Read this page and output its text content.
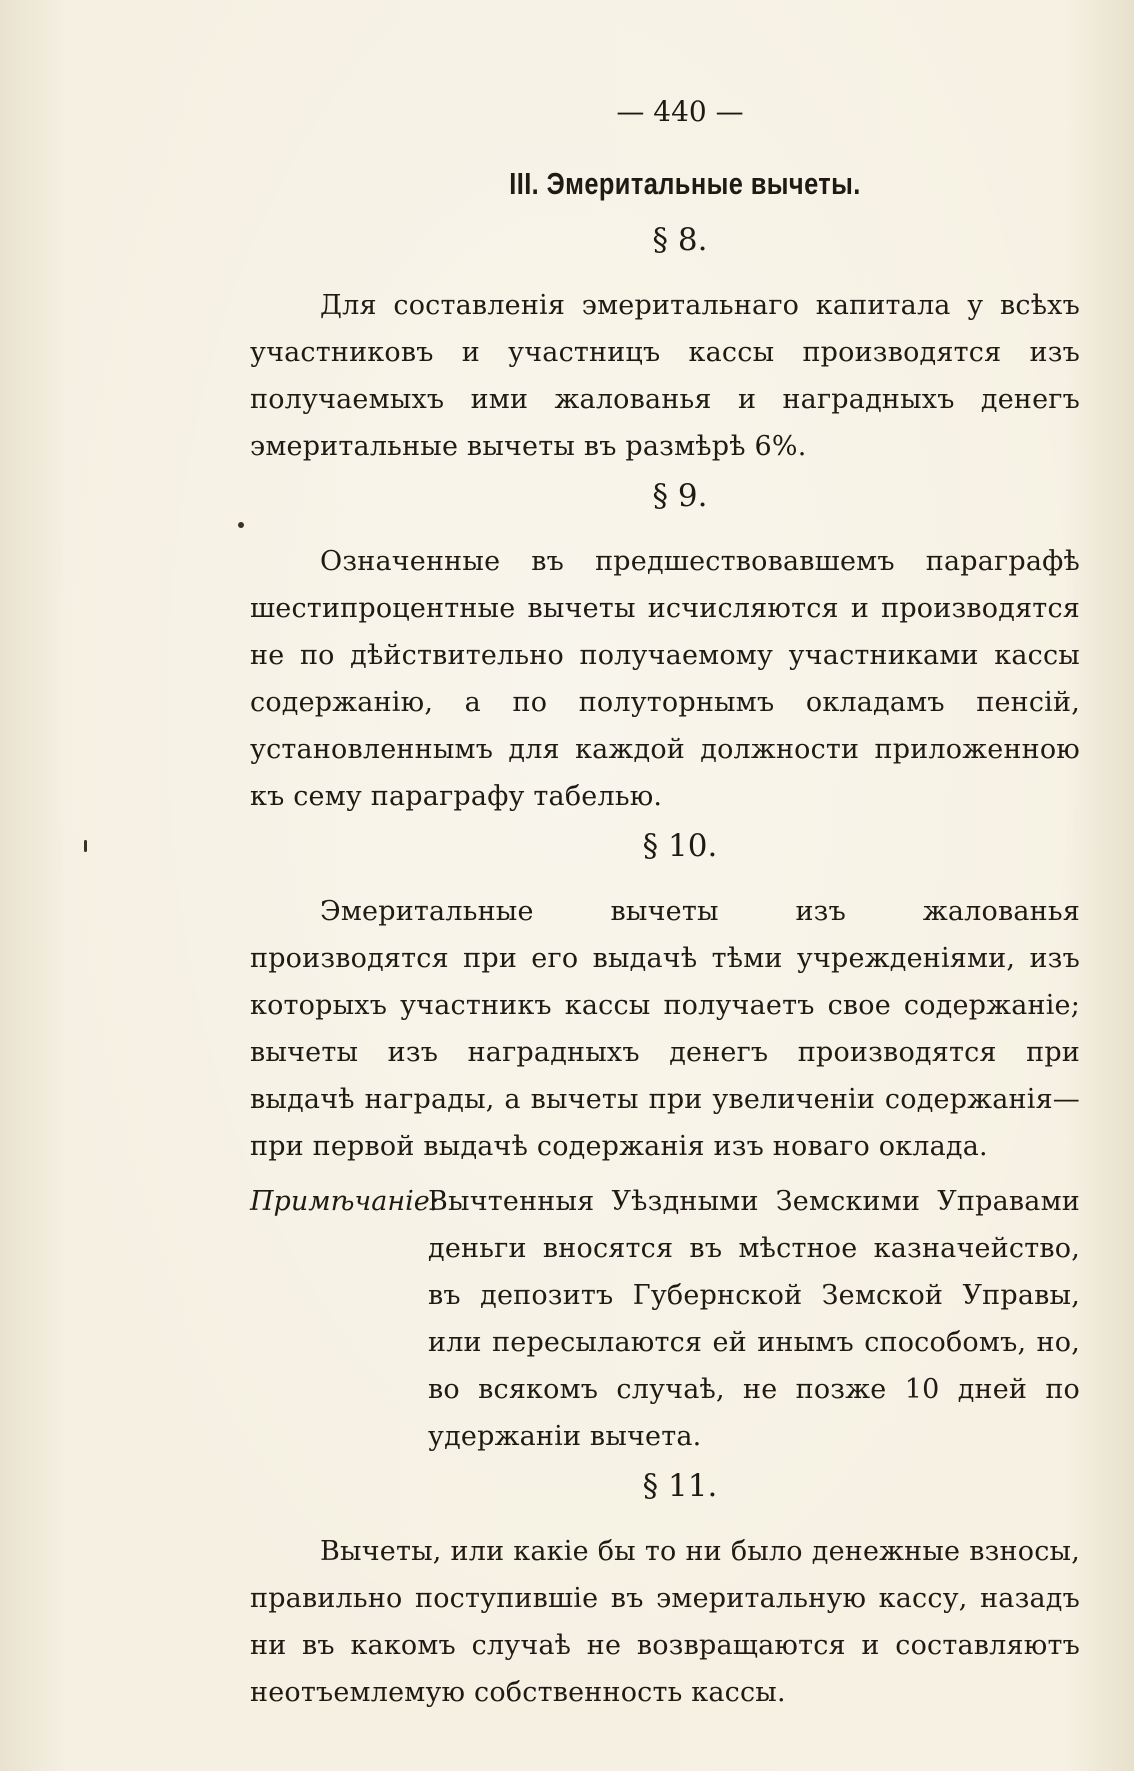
— 440 —
III. Эмеритальные вычеты.
§ 8.

Для составленія эмеритальнаго капитала у всѣхъ участниковъ и участницъ кассы производятся изъ получаемыхъ ими жалованья и наградныхъ денегъ эмеритальные вычеты въ размѣрѣ 6%.

§ 9.

Означенные въ предшествовавшемъ параграфѣ шестипроцентные вычеты исчисляются и производятся не по дѣйствительно получаемому участниками кассы содержанію, а по полуторнымъ окладамъ пенсій, установленнымъ для каждой должности приложенною къ сему параграфу табелью.

§ 10.

Эмеритальные вычеты изъ жалованья производятся при его выдачѣ тѣми учрежденіями, изъ которыхъ участникъ кассы получаетъ свое содержаніе; вычеты изъ наградныхъ денегъ производятся при выдачѣ награды, а вычеты при увеличеніи содержанія—при первой выдачѣ содержанія изъ новаго оклада.

Примѣчаніе:
Вычтенныя Уѣздными Земскими Управами деньги вносятся въ мѣстное казначейство, въ депозитъ Губернской Земской Управы, или пересылаются ей инымъ способомъ, но, во всякомъ случаѣ, не позже 10 дней по удержаніи вычета.
§ 11.

Вычеты, или какіе бы то ни было денежные взносы, правильно поступившіе въ эмеритальную кассу, назадъ ни въ какомъ случаѣ не возвращаются и составляютъ неотъемлемую собственность кассы.
